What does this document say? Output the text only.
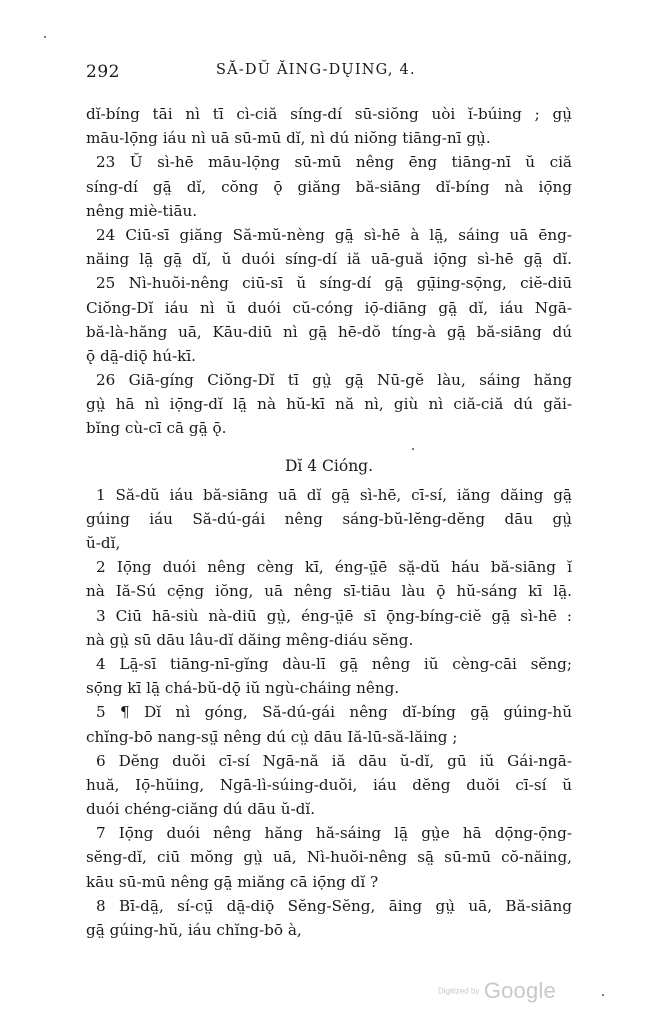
292	SĂ-DŬ ĂING-DŲING, 4.
dĭ-bíng tāi nì tī cì-ciă síng-dí sū-siŏng uòi ĭ-búing ; gṳ̀
māu-lọ̄ng iáu nì uā sū-mū dĭ, nì dú niŏng tiāng-nī gṳ̀.
23 Ŭ sì-hē māu-lọ̄ng sū-mū nêng ēng tiāng-nī ŭ ciă
síng-dí gā̤ dĭ, cŏng ǭ giăng bă-siāng dĭ-bíng nà iọ̄ng
nêng miè-tiāu.
24 Ciū-sī giăng Să-mŭ-nèng gā̤ sì-hē à lā̤, sáing uā ēng-
năing lā̤ gā̤ dĭ, ŭ duói síng-dí iă uā-guă iọ̄ng sì-hē gā̤ dĭ.
25 Nì-huŏi-nêng ciū-sī ŭ síng-dí gā̤ gṳ̄ing-sọ̄ng, ciĕ-diū
Ciŏng-Dĭ iáu nì ŭ duói cŭ-cóng iọ̄-diāng gā̤ dĭ, iáu Ngā-
bă-là-hăng uā, Kāu-diū nì gā̤ hē-dŏ tíng-à gā̤ bă-siāng dú
ǭ dā̤-diǭ hú-kī.
26 Giā-gíng Ciŏng-Dĭ tī gṳ̀ gā̤ Nū-gĕ làu, sáing hăng
gṳ̀ hā nì iọ̄ng-dĭ lā̤ nà hŭ-kī nă nì, giù nì ciă-ciă dú găi-
bĭng cù-cī cā gā̤ ǭ.
Dĭ 4 Cióng.
1 Să-dŭ iáu bă-siāng uā dĭ gā̤ sì-hē, cī-sí, iăng dăing gā̤
gúing iáu Să-dú-gái nêng sáng-bŭ-lĕng-dĕng dāu gṳ̀
ŭ-dĭ,
2 Iọ̄ng duói nêng cèng kī, éng-ṳ̄ē să̤-dŭ háu bă-siāng ĭ
nà Iă-Sú cẹ̄ng iŏng, uā nêng sī-tiāu làu ǭ hŭ-sáng kī lā̤.
3 Ciū hā-siù nà-diū gṳ̀, éng-ṳ̄ē sī ǭng-bíng-ciĕ gā̤ sì-hē :
nà gṳ̀ sū dāu lâu-dĭ dăing mêng-diáu sĕng.
4 Lā̤-sī tiāng-nī-gĭng dàu-lī gā̤ nêng iŭ cèng-cāi sĕng;
sọ̄ng kī lā̤ chá-bŭ-dǭ iŭ ngù-cháing nêng.
5 ¶ Dĭ nì góng, Să-dú-gái nêng dĭ-bíng gā̤ gúing-hŭ
chĭng-bō nang-sṳ̄ nêng dú cṳ̀ dāu Iă-lū-să-lăing ;
6 Dĕng duŏi cī-sí Ngā-nă iă dāu ŭ-dĭ, gū iŭ Gái-ngā-
huă, Iọ̄-hŭing, Ngā-lì-súing-duŏi, iáu dĕng duŏi cī-sí ŭ
duói chéng-ciăng dú dāu ŭ-dĭ.
7 Iọ̄ng duói nêng hăng hă-sáing lā̤ gṳ̀e hā dọ̄ng-ọ̄ng-
sĕng-dĭ, ciū mŏng gṳ̀ uā, Nì-huŏi-nêng sā̤ sū-mū cŏ-năing,
kāu sū-mū nêng gā̤ miăng cā iọ̄ng dĭ ?
8 Bī-dā̤, sí-cṳ̄ dā̤-diǭ Sĕng-Sĕng, āing gṳ̀ uā, Bă-siāng
gā̤ gúing-hŭ, iáu chĭng-bō à,
Digitized by Google
